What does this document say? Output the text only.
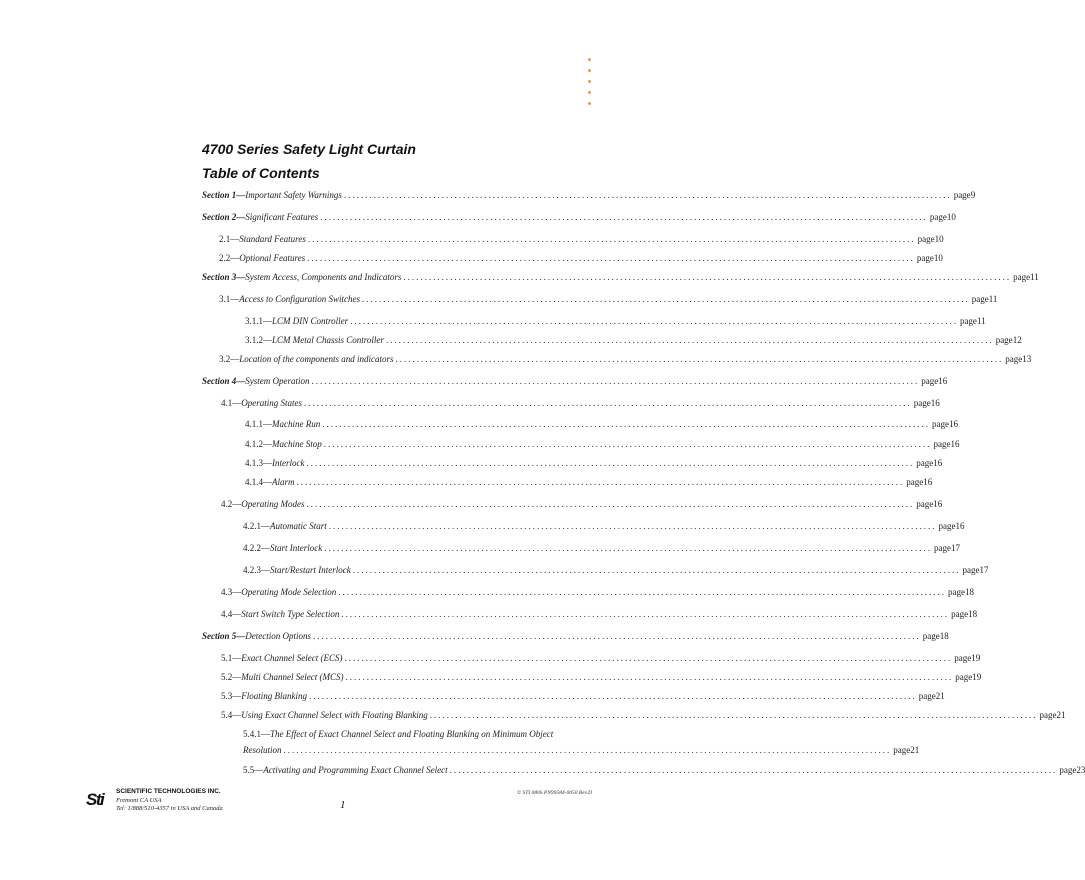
4700 Series Safety Light Curtain
Table of Contents
Section 1— Important Safety Warnings ............................................................................................................................................... page 9
Section 2— Significant Features ............................................................................................................................................... page 10
2.1— Standard Features ............................................................................................................................................... page 10
2.2— Optional Features ............................................................................................................................................... page 10
Section 3— System Access, Components and Indicators ............................................................................................................................................... page 11
3.1— Access to Configuration Switches ............................................................................................................................................... page 11
3.1.1— LCM DIN Controller ............................................................................................................................................... page 11
3.1.2— LCM Metal Chassis Controller ............................................................................................................................................... page 12
3.2— Location of the components and indicators ............................................................................................................................................... page 13
Section 4— System Operation ............................................................................................................................................... page 16
4.1— Operating States ............................................................................................................................................... page 16
4.1.1— Machine Run ............................................................................................................................................... page 16
4.1.2— Machine Stop ............................................................................................................................................... page 16
4.1.3— Interlock ............................................................................................................................................... page 16
4.1.4— Alarm ............................................................................................................................................... page 16
4.2— Operating Modes ............................................................................................................................................... page 16
4.2.1— Automatic Start ............................................................................................................................................... page 16
4.2.2— Start Interlock ............................................................................................................................................... page 17
4.2.3— Start/Restart Interlock ............................................................................................................................................... page 17
4.3— Operating Mode Selection ............................................................................................................................................... page 18
4.4— Start Switch Type Selection ............................................................................................................................................... page 18
Section 5— Detection Options ............................................................................................................................................... page 18
5.1— Exact Channel Select (ECS) ............................................................................................................................................... page 19
5.2— Multi Channel Select (MCS) ............................................................................................................................................... page 19
5.3— Floating Blanking ............................................................................................................................................... page 21
5.4— Using Exact Channel Select with Floating Blanking ............................................................................................................................................... page 21
5.4.1— The Effect of Exact Channel Select and Floating Blanking on Minimum Object
Resolution ............................................................................................................................................... page 21
5.5— Activating and Programming Exact Channel Select ............................................................................................................................................... page 23
Sti	SCIENTIFIC TECHNOLOGIES INC.
Fremont CA USA
Tel: 1/888/510-4357 in USA and Canada	1
© STI 0806 PN99584-0050 Rev.D
